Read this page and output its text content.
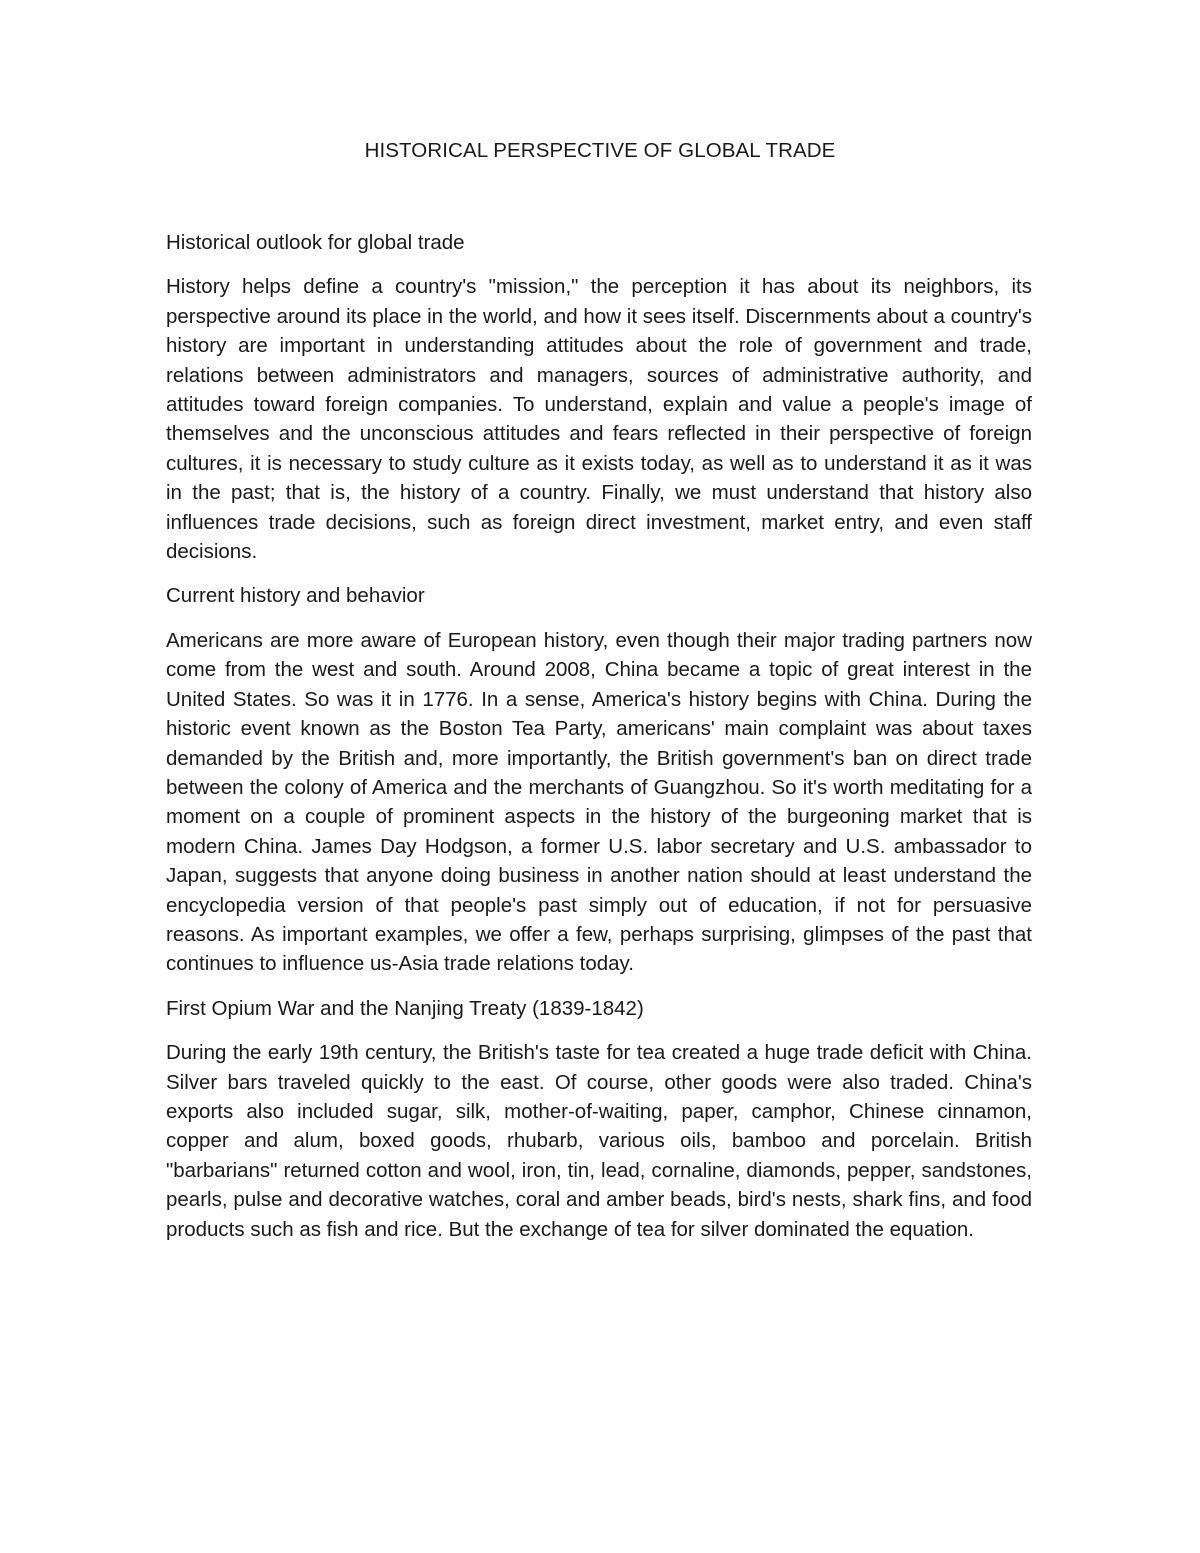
HISTORICAL PERSPECTIVE OF GLOBAL TRADE
Historical outlook for global trade

History helps define a country's "mission," the perception it has about its neighbors, its perspective around its place in the world, and how it sees itself. Discernments about a country's history are important in understanding attitudes about the role of government and trade, relations between administrators and managers, sources of administrative authority, and attitudes toward foreign companies. To understand, explain and value a people's image of themselves and the unconscious attitudes and fears reflected in their perspective of foreign cultures, it is necessary to study culture as it exists today, as well as to understand it as it was in the past; that is, the history of a country. Finally, we must understand that history also influences trade decisions, such as foreign direct investment, market entry, and even staff decisions.

Current history and behavior

Americans are more aware of European history, even though their major trading partners now come from the west and south. Around 2008, China became a topic of great interest in the United States. So was it in 1776. In a sense, America's history begins with China. During the historic event known as the Boston Tea Party, americans' main complaint was about taxes demanded by the British and, more importantly, the British government's ban on direct trade between the colony of America and the merchants of Guangzhou. So it's worth meditating for a moment on a couple of prominent aspects in the history of the burgeoning market that is modern China. James Day Hodgson, a former U.S. labor secretary and U.S. ambassador to Japan, suggests that anyone doing business in another nation should at least understand the encyclopedia version of that people's past simply out of education, if not for persuasive reasons. As important examples, we offer a few, perhaps surprising, glimpses of the past that continues to influence us-Asia trade relations today.

First Opium War and the Nanjing Treaty (1839-1842)

During the early 19th century, the British's taste for tea created a huge trade deficit with China. Silver bars traveled quickly to the east. Of course, other goods were also traded. China's exports also included sugar, silk, mother-of-waiting, paper, camphor, Chinese cinnamon, copper and alum, boxed goods, rhubarb, various oils, bamboo and porcelain. British "barbarians" returned cotton and wool, iron, tin, lead, cornaline, diamonds, pepper, sandstones, pearls, pulse and decorative watches, coral and amber beads, bird's nests, shark fins, and food products such as fish and rice. But the exchange of tea for silver dominated the equation.
